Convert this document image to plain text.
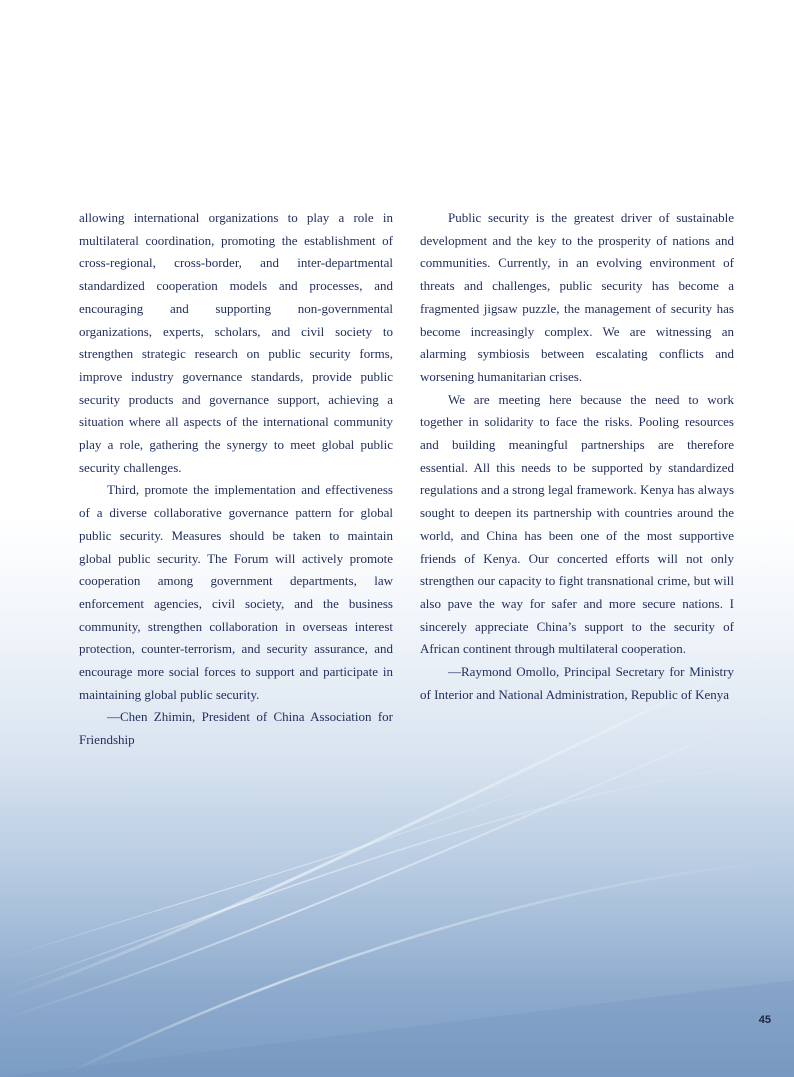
allowing international organizations to play a role in multilateral coordination, promoting the establishment of cross-regional, cross-border, and inter-departmental standardized cooperation models and processes, and encouraging and supporting non-governmental organizations, experts, scholars, and civil society to strengthen strategic research on public security forms, improve industry governance standards, provide public security products and governance support, achieving a situation where all aspects of the international community play a role, gathering the synergy to meet global public security challenges.

Third, promote the implementation and effectiveness of a diverse collaborative governance pattern for global public security. Measures should be taken to maintain global public security. The Forum will actively promote cooperation among government departments, law enforcement agencies, civil society, and the business community, strengthen collaboration in overseas interest protection, counter-terrorism, and security assurance, and encourage more social forces to support and participate in maintaining global public security.

—Chen Zhimin, President of China Association for Friendship

Public security is the greatest driver of sustainable development and the key to the prosperity of nations and communities. Currently, in an evolving environment of threats and challenges, public security has become a fragmented jigsaw puzzle, the management of security has become increasingly complex. We are witnessing an alarming symbiosis between escalating conflicts and worsening humanitarian crises.

We are meeting here because the need to work together in solidarity to face the risks. Pooling resources and building meaningful partnerships are therefore essential. All this needs to be supported by standardized regulations and a strong legal framework. Kenya has always sought to deepen its partnership with countries around the world, and China has been one of the most supportive friends of Kenya. Our concerted efforts will not only strengthen our capacity to fight transnational crime, but will also pave the way for safer and more secure nations. I sincerely appreciate China’s support to the security of African continent through multilateral cooperation.

—Raymond Omollo, Principal Secretary for Ministry of Interior and National Administration, Republic of Kenya

45
